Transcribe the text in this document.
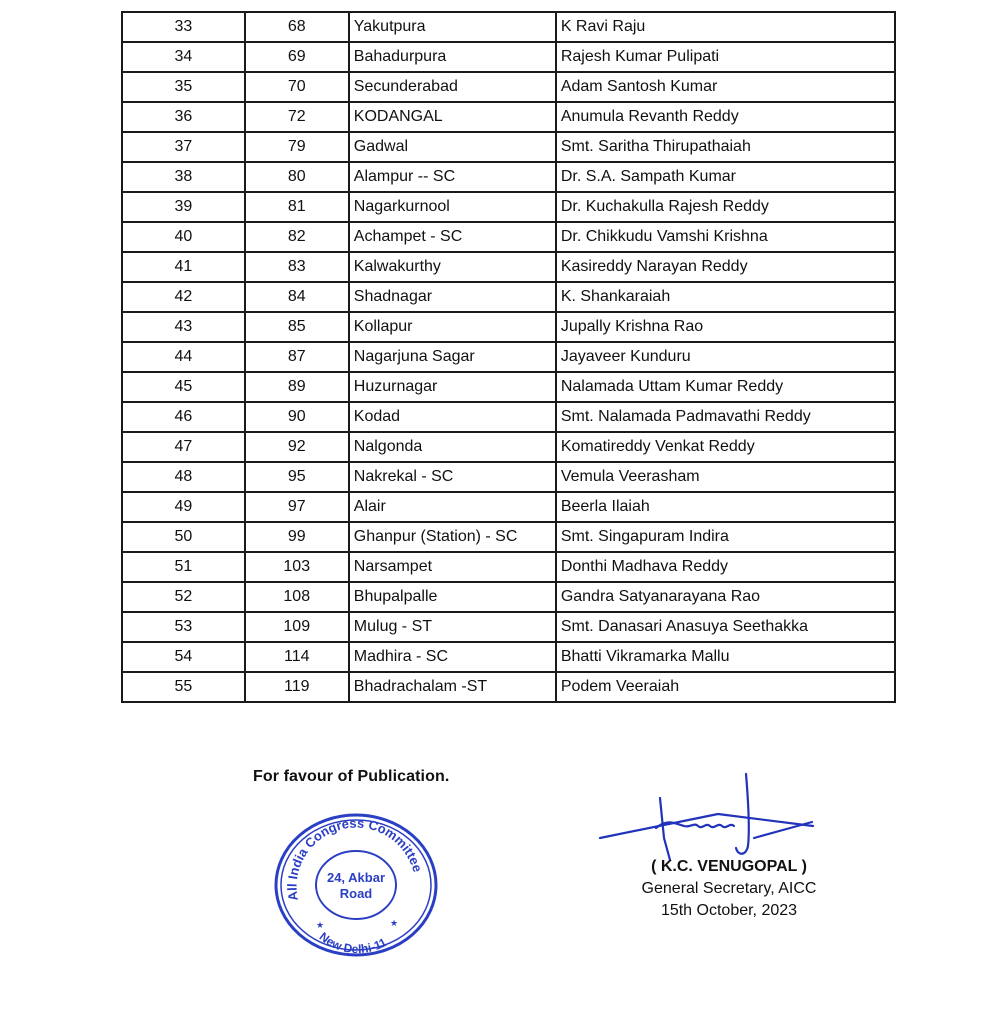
33	68	Yakutpura	K Ravi Raju
34	69	Bahadurpura	Rajesh Kumar Pulipati
35	70	Secunderabad	Adam Santosh Kumar
36	72	KODANGAL	Anumula Revanth Reddy
37	79	Gadwal	Smt. Saritha Thirupathaiah
38	80	Alampur -- SC	Dr. S.A. Sampath Kumar
39	81	Nagarkurnool	Dr. Kuchakulla Rajesh Reddy
40	82	Achampet - SC	Dr. Chikkudu Vamshi Krishna
41	83	Kalwakurthy	Kasireddy Narayan Reddy
42	84	Shadnagar	K. Shankaraiah
43	85	Kollapur	Jupally Krishna Rao
44	87	Nagarjuna Sagar	Jayaveer Kunduru
45	89	Huzurnagar	Nalamada Uttam Kumar Reddy
46	90	Kodad	Smt. Nalamada Padmavathi Reddy
47	92	Nalgonda	Komatireddy Venkat Reddy
48	95	Nakrekal - SC	Vemula Veerasham
49	97	Alair	Beerla Ilaiah
50	99	Ghanpur (Station) - SC	Smt. Singapuram Indira
51	103	Narsampet	Donthi Madhava Reddy
52	108	Bhupalpalle	Gandra Satyanarayana Rao
53	109	Mulug - ST	Smt. Danasari Anasuya Seethakka
54	114	Madhira - SC	Bhatti Vikramarka Mallu
55	119	Bhadrachalam -ST	Podem Veeraiah
For favour of Publication.
All India Congress Committee
New Delhi-11
24, Akbar
Road
★	★
( K.C. VENUGOPAL )
General Secretary, AICC
15th October, 2023
